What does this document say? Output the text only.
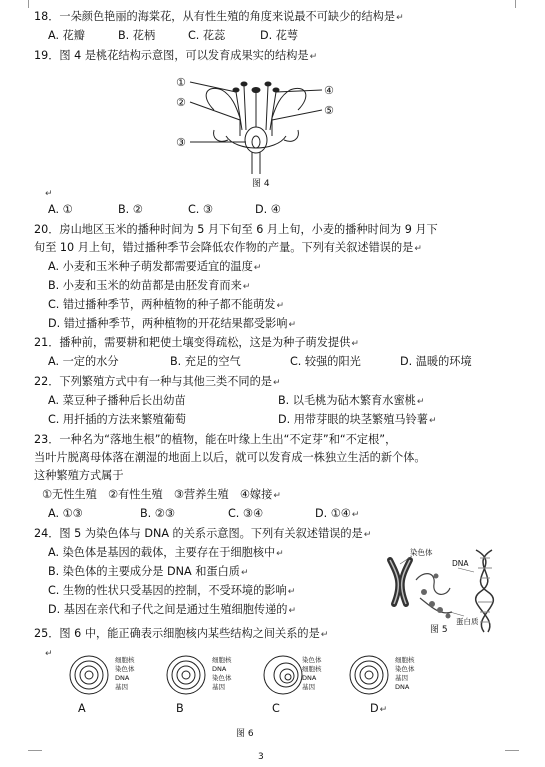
18．一朵颜色艳丽的海棠花，从有性生殖的角度来说最不可缺少的结构是↵
A. 花瓣	B. 花柄	C. 花蕊	D. 花萼
19．图 4 是桃花结构示意图，可以发育成果实的结构是↵
①
②
③
④
⑤
图 4
↵
A. ①	B. ②	C. ③	D. ④
20．房山地区玉米的播种时间为 5 月下旬至 6 月上旬，小麦的播种时间为 9 月下
旬至 10 月上旬，错过播种季节会降低农作物的产量。下列有关叙述错误的是↵
A. 小麦和玉米种子萌发都需要适宜的温度↵
B. 小麦和玉米的幼苗都是由胚发育而来↵
C. 错过播种季节，两种植物的种子都不能萌发↵
D. 错过播种季节，两种植物的开花结果都受影响↵
21．播种前，需要耕和耙使土壤变得疏松，这是为种子萌发提供↵
A. 一定的水分	B. 充足的空气	C. 较强的阳光	D. 温暖的环境
22．下列繁殖方式中有一种与其他三类不同的是↵
A. 菜豆种子播种后长出幼苗	B. 以毛桃为砧木繁育水蜜桃↵
C. 用扦插的方法来繁殖葡萄	D. 用带芽眼的块茎繁殖马铃薯↵
23．一种名为“落地生根”的植物，能在叶缘上生出“不定芽”和“不定根”，
当叶片脱离母体落在潮湿的地面上以后，就可以发育成一株独立生活的新个体。
这种繁殖方式属于
①无性生殖　②有性生殖　③营养生殖　④嫁接↵
A. ①③	B. ②③	C. ③④	D. ①④↵
24．图 5 为染色体与 DNA 的关系示意图。下列有关叙述错误的是↵
A. 染色体是基因的载体，主要存在于细胞核中↵
B. 染色体的主要成分是 DNA 和蛋白质↵
C. 生物的性状只受基因的控制，不受环境的影响↵
D. 基因在亲代和子代之间是通过生殖细胞传递的↵
染色体
DNA
蛋白质
图 5
25．图 6 中，能正确表示细胞核内某些结构之间关系的是↵
↵
细胞核
染色体
DNA
基因
A
细胞核
DNA
染色体
基因
B
染色体
细胞核
DNA
基因
C
细胞核
染色体
基因
DNA
D↵
图 6
3
